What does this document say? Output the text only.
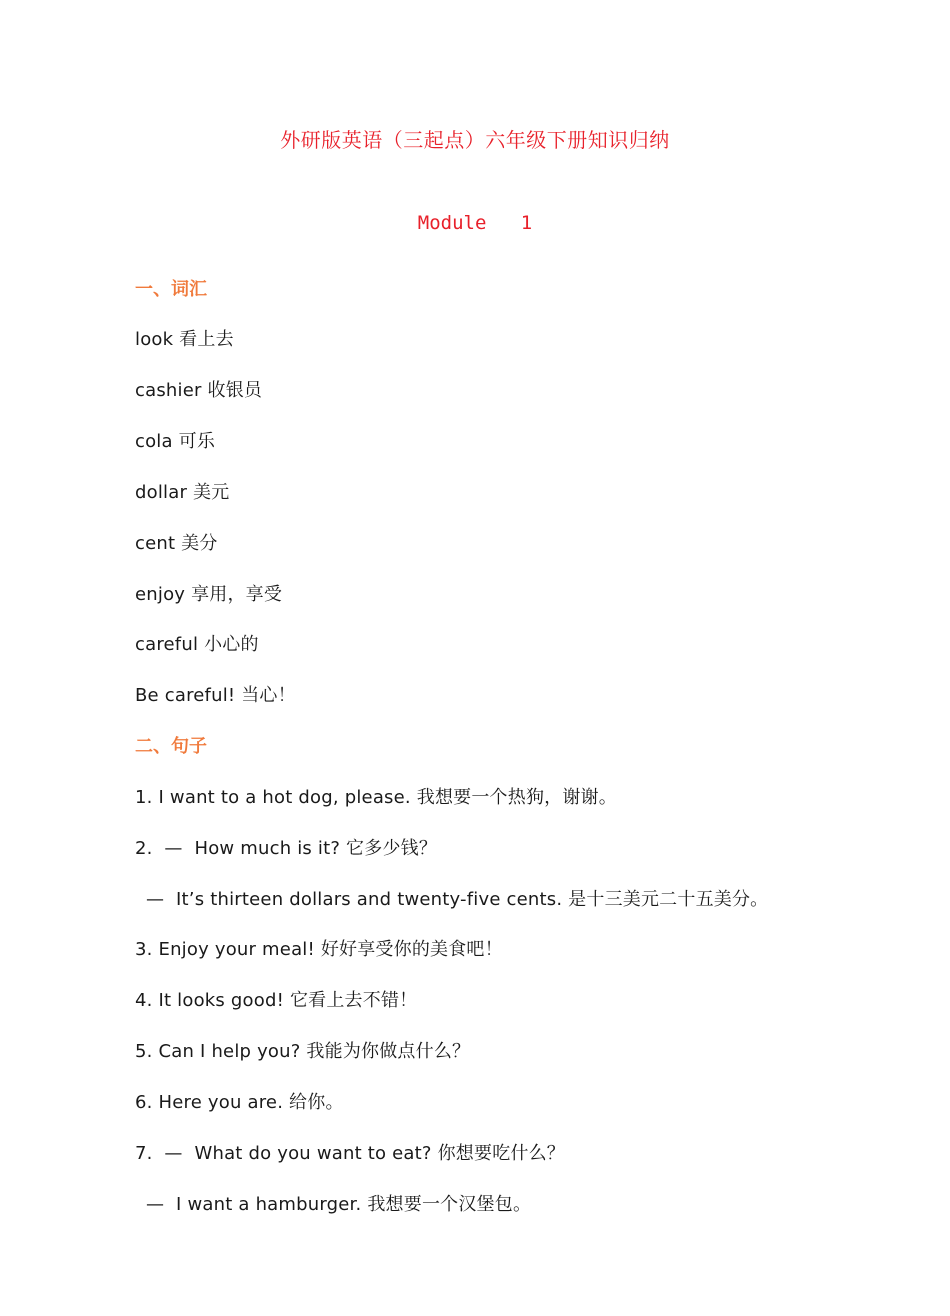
外研版英语（三起点）六年级下册知识归纳
Module   1
一、词汇
look 看上去
cashier 收银员
cola 可乐
dollar 美元
cent 美分
enjoy 享用，享受
careful 小心的
Be careful! 当心！
二、句子
1. I want to a hot dog, please. 我想要一个热狗，谢谢。
2.  —  How much is it? 它多少钱？
—  It’s thirteen dollars and twenty-five cents. 是十三美元二十五美分。
3. Enjoy your meal! 好好享受你的美食吧！
4. It looks good! 它看上去不错！
5. Can I help you? 我能为你做点什么？
6. Here you are. 给你。
7.  —  What do you want to eat? 你想要吃什么？
—  I want a hamburger. 我想要一个汉堡包。
